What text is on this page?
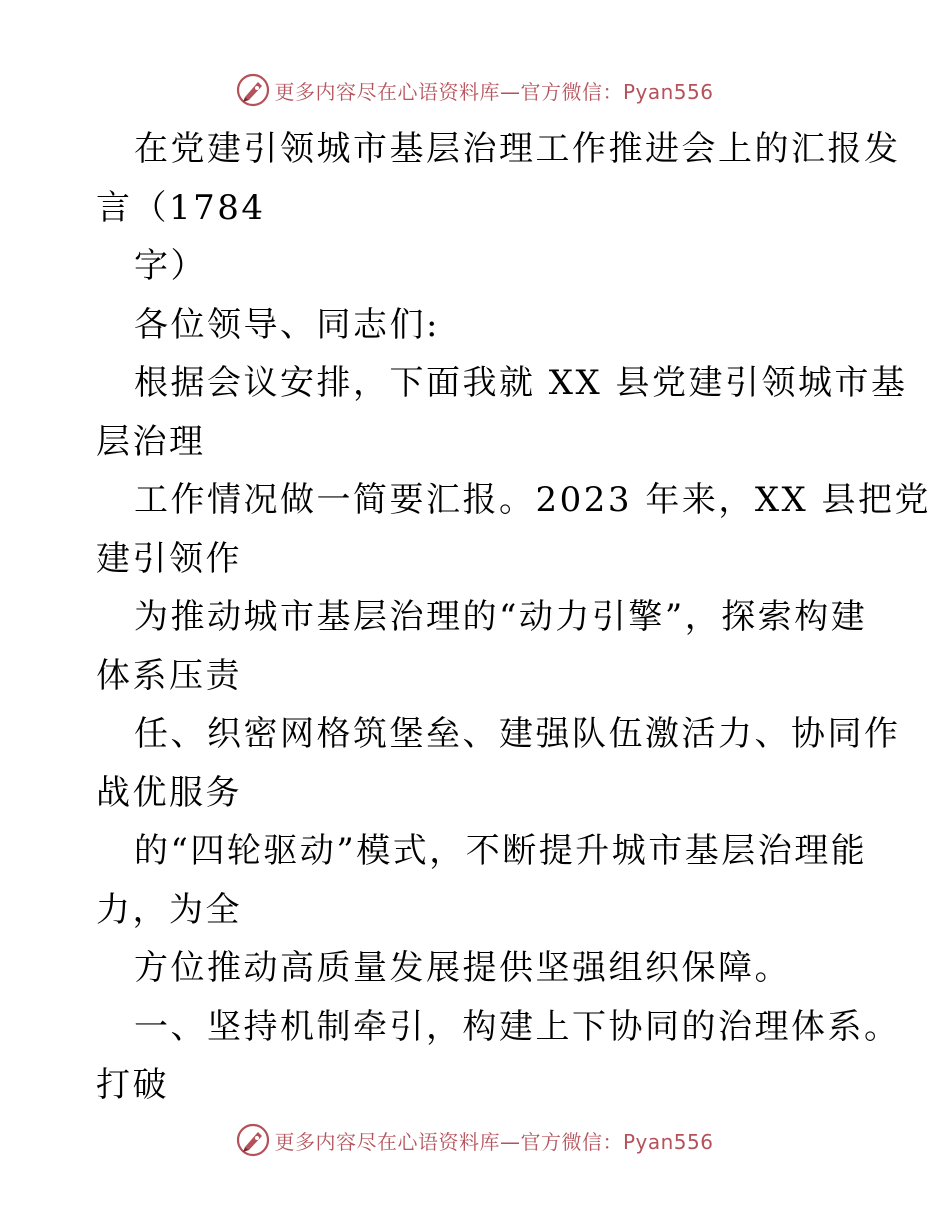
更多内容尽在心语资料库—官方微信：Pyan556
在党建引领城市基层治理工作推进会上的汇报发
言（1784
字）
各位领导、同志们:
根据会议安排，下面我就 XX 县党建引领城市基
层治理
工作情况做一简要汇报。2023 年来，XX 县把党
建引领作
为推动城市基层治理的“动力引擎”，探索构建
体系压责
任、织密网格筑堡垒、建强队伍激活力、协同作
战优服务
的“四轮驱动”模式，不断提升城市基层治理能
力，为全
方位推动高质量发展提供坚强组织保障。
一、坚持机制牵引，构建上下协同的治理体系。
打破
更多内容尽在心语资料库—官方微信：Pyan556
